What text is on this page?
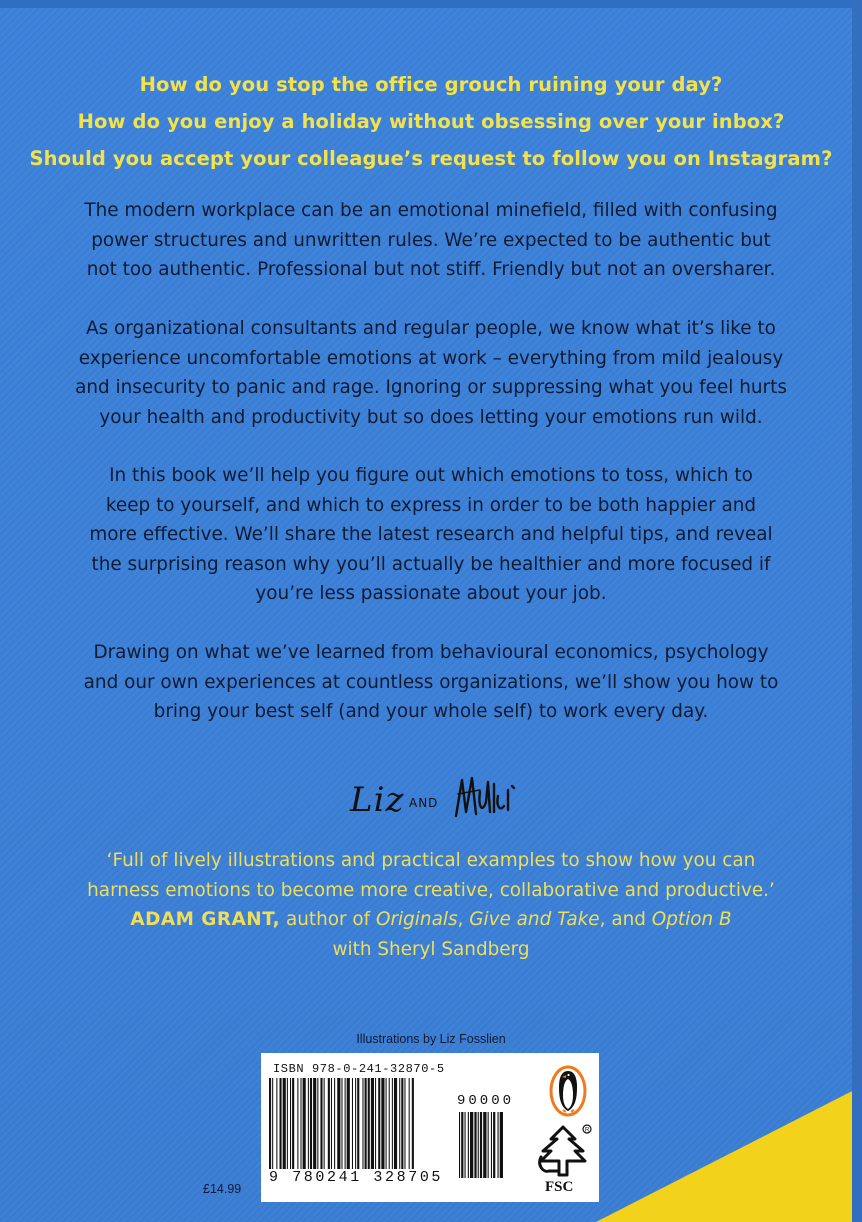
How do you stop the office grouch ruining your day?
How do you enjoy a holiday without obsessing over your inbox?
Should you accept your colleague’s request to follow you on Instagram?
The modern workplace can be an emotional minefield, filled with confusing
power structures and unwritten rules. We’re expected to be authentic but
not too authentic. Professional but not stiff. Friendly but not an oversharer.
As organizational consultants and regular people, we know what it’s like to
experience uncomfortable emotions at work – everything from mild jealousy
and insecurity to panic and rage. Ignoring or suppressing what you feel hurts
your health and productivity but so does letting your emotions run wild.
In this book we’ll help you figure out which emotions to toss, which to
keep to yourself, and which to express in order to be both happier and
more effective. We’ll share the latest research and helpful tips, and reveal
the surprising reason why you’ll actually be healthier and more focused if
you’re less passionate about your job.
Drawing on what we’ve learned from behavioural economics, psychology
and our own experiences at countless organizations, we’ll show you how to
bring your best self (and your whole self) to work every day.
Liz AND
‘Full of lively illustrations and practical examples to show how you can
harness emotions to become more creative, collaborative and productive.’
ADAM GRANT, author of Originals, Give and Take, and Option B
with Sheryl Sandberg
Illustrations by Liz Fosslien
£14.99
ISBN 978-0-241-32870-5
90000
9 780241 328705
R
FSC
